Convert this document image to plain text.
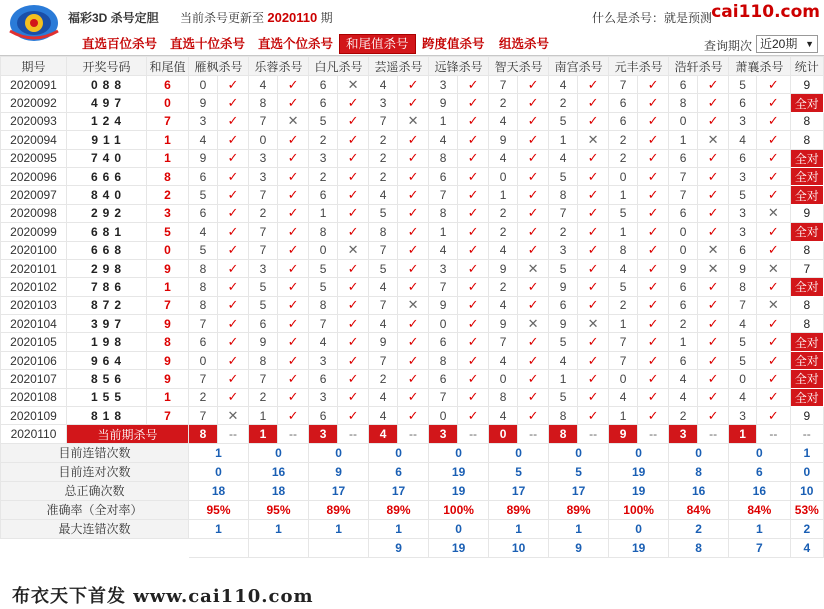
福彩3D 杀号定胆 当前杀号更新至 2020110 期	什么是杀号：就是预测 cai110.com
直选百位杀号 直选十位杀号 直选个位杀号	和尾值杀号	跨度值杀号 组选杀号	查询期次 近20期 ▼
期号	开奖号码	和尾值	雁枫杀号		乐蓉杀号		白凡杀号		芸遥杀号		远锋杀号		智天杀号		南宫杀号		元丰杀号		浩轩杀号		萧襄杀号		统计
2020091	088	6	0	✓	4	✓	6	✕	4	✓	3	✓	7	✓	4	✓	7	✓	6	✓	5	✓	9
2020092	497	0	9	✓	8	✓	6	✓	3	✓	9	✓	2	✓	2	✓	6	✓	8	✓	6	✓	全对
2020093	124	7	3	✓	7	✕	5	✓	7	✕	1	✓	4	✓	5	✓	6	✓	0	✓	3	✓	8
2020094	911	1	4	✓	0	✓	2	✓	2	✓	4	✓	9	✓	1	✕	2	✓	1	✕	4	✓	8
2020095	740	1	9	✓	3	✓	3	✓	2	✓	8	✓	4	✓	4	✓	2	✓	6	✓	6	✓	全对
2020096	666	8	6	✓	3	✓	2	✓	2	✓	6	✓	0	✓	5	✓	0	✓	7	✓	3	✓	全对
2020097	840	2	5	✓	7	✓	6	✓	4	✓	7	✓	1	✓	8	✓	1	✓	7	✓	5	✓	全对
2020098	292	3	6	✓	2	✓	1	✓	5	✓	8	✓	2	✓	7	✓	5	✓	6	✓	3	✕	9
2020099	681	5	4	✓	7	✓	8	✓	8	✓	1	✓	2	✓	2	✓	1	✓	0	✓	3	✓	全对
2020100	668	0	5	✓	7	✓	0	✕	7	✓	4	✓	4	✓	3	✓	8	✓	0	✕	6	✓	8
2020101	298	9	8	✓	3	✓	5	✓	5	✓	3	✓	9	✕	5	✓	4	✓	9	✕	9	✕	7
2020102	786	1	8	✓	5	✓	5	✓	4	✓	7	✓	2	✓	9	✓	5	✓	6	✓	8	✓	全对
2020103	872	7	8	✓	5	✓	8	✓	7	✕	9	✓	4	✓	6	✓	2	✓	6	✓	7	✕	8
2020104	397	9	7	✓	6	✓	7	✓	4	✓	0	✓	9	✕	9	✕	1	✓	2	✓	4	✓	8
2020105	198	8	6	✓	9	✓	4	✓	9	✓	6	✓	7	✓	5	✓	7	✓	1	✓	5	✓	全对
2020106	964	9	0	✓	8	✓	3	✓	7	✓	8	✓	4	✓	4	✓	7	✓	6	✓	5	✓	全对
2020107	856	9	7	✓	7	✓	6	✓	2	✓	6	✓	0	✓	1	✓	0	✓	4	✓	0	✓	全对
2020108	155	1	2	✓	2	✓	3	✓	4	✓	7	✓	8	✓	5	✓	4	✓	4	✓	4	✓	全对
2020109	818	7	7	✕	1	✓	6	✓	4	✓	0	✓	4	✓	8	✓	1	✓	2	✓	3	✓	9
2020110	当前期杀号		8	--	1	--	3	--	4	--	3	--	0	--	8	--	9	--	3	--	1	--	--
目前连错次数			1		0		0		0		0		0		0		0		0		0		1
目前连对次数			0		16		9		6		19		5		5		19		8		6		0
总正确次数			18		18		17		17		19		17		17		19		16		16		10
准确率（全对率）			95%		95%		89%		89%		100%		89%		89%		100%		84%		84%		53%
最大连错次数			1		1		1		1		0		1		1		0		2		1		2
									9		19		10		9		19		8		7		4
布衣天下首发 www.cai110.com
